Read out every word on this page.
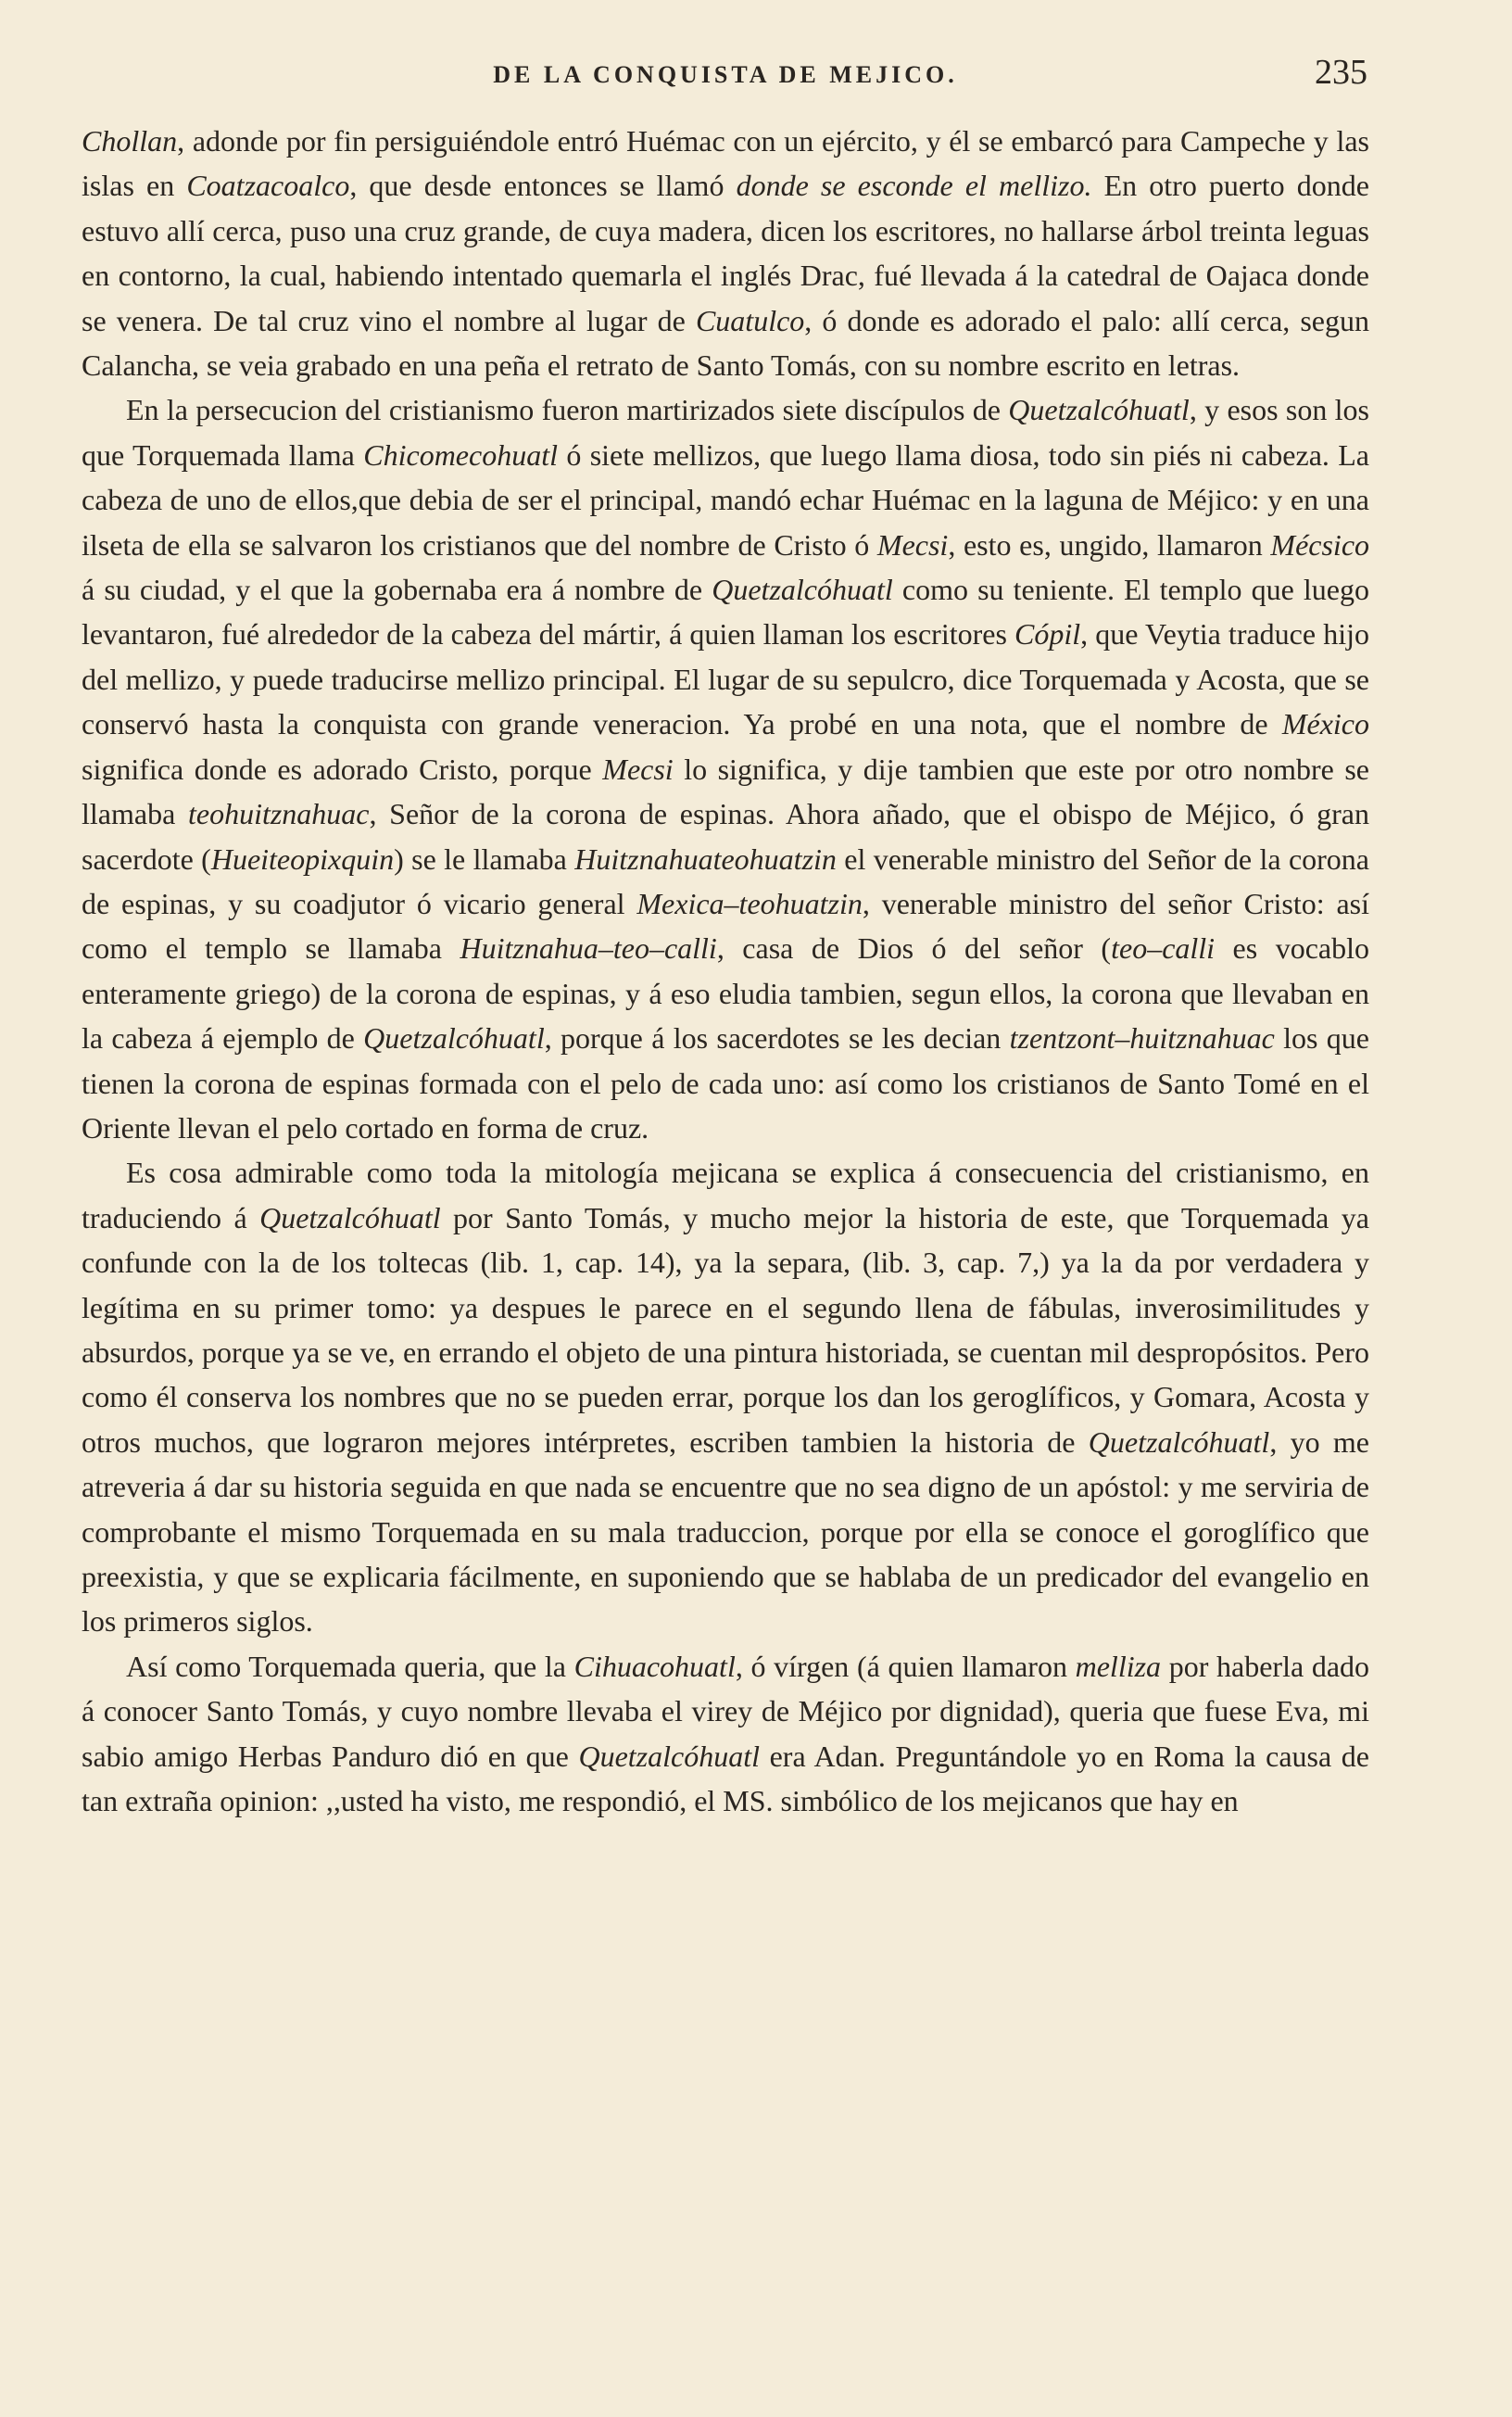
DE LA CONQUISTA DE MEJICO.	235

Chollan, adonde por fin persiguiéndole entró Huémac con un ejército, y él se embarcó para Campeche y las islas en Coatzacoalco, que desde entonces se llamó donde se esconde el mellizo. En otro puerto donde estuvo allí cerca, puso una cruz grande, de cuya madera, dicen los escritores, no hallarse árbol treinta leguas en contorno, la cual, habiendo intentado quemarla el inglés Drac, fué llevada á la catedral de Oajaca donde se venera. De tal cruz vino el nombre al lugar de Cuatulco, ó donde es adorado el palo: allí cerca, segun Calancha, se veia grabado en una peña el retrato de Santo Tomás, con su nombre escrito en letras.

En la persecucion del cristianismo fueron martirizados siete discípulos de Quetzalcóhuatl, y esos son los que Torquemada llama Chicomecohuatl ó siete mellizos, que luego llama diosa, todo sin piés ni cabeza. La cabeza de uno de ellos,que debia de ser el principal, mandó echar Huémac en la laguna de Méjico: y en una ilseta de ella se salvaron los cristianos que del nombre de Cristo ó Mecsi, esto es, ungido, llamaron Mécsico á su ciudad, y el que la gobernaba era á nombre de Quetzalcóhuatl como su teniente. El templo que luego levantaron, fué alrededor de la cabeza del mártir, á quien llaman los escritores Cópil, que Veytia traduce hijo del mellizo, y puede traducirse mellizo principal. El lugar de su sepulcro, dice Torquemada y Acosta, que se conservó hasta la conquista con grande veneracion. Ya probé en una nota, que el nombre de México significa donde es adorado Cristo, porque Mecsi lo significa, y dije tambien que este por otro nombre se llamaba teohuitznahuac, Señor de la corona de espinas. Ahora añado, que el obispo de Méjico, ó gran sacerdote (Hueiteopixquin) se le llamaba Huitznahuateohuatzin el venerable ministro del Señor de la corona de espinas, y su coadjutor ó vicario general Mexica–teohuatzin, venerable ministro del señor Cristo: así como el templo se llamaba Huitznahua–teo–calli, casa de Dios ó del señor (teo–calli es vocablo enteramente griego) de la corona de espinas, y á eso eludia tambien, segun ellos, la corona que llevaban en la cabeza á ejemplo de Quetzalcóhuatl, porque á los sacerdotes se les decian tzentzont–huitznahuac los que tienen la corona de espinas formada con el pelo de cada uno: así como los cristianos de Santo Tomé en el Oriente llevan el pelo cortado en forma de cruz.

Es cosa admirable como toda la mitología mejicana se explica á consecuencia del cristianismo, en traduciendo á Quetzalcóhuatl por Santo Tomás, y mucho mejor la historia de este, que Torquemada ya confunde con la de los toltecas (lib. 1, cap. 14), ya la separa, (lib. 3, cap. 7,) ya la da por verdadera y legítima en su primer tomo: ya despues le parece en el segundo llena de fábulas, inverosimilitudes y absurdos, porque ya se ve, en errando el objeto de una pintura historiada, se cuentan mil despropósitos. Pero como él conserva los nombres que no se pueden errar, porque los dan los geroglíficos, y Gomara, Acosta y otros muchos, que lograron mejores intérpretes, escriben tambien la historia de Quetzalcóhuatl, yo me atreveria á dar su historia seguida en que nada se encuentre que no sea digno de un apóstol: y me serviria de comprobante el mismo Torquemada en su mala traduccion, porque por ella se conoce el goroglífico que preexistia, y que se explicaria fácilmente, en suponiendo que se hablaba de un predicador del evangelio en los primeros siglos.

Así como Torquemada queria, que la Cihuacohuatl, ó vírgen (á quien llamaron melliza por haberla dado á conocer Santo Tomás, y cuyo nombre llevaba el virey de Méjico por dignidad), queria que fuese Eva, mi sabio amigo Herbas Panduro dió en que Quetzalcóhuatl era Adan. Preguntándole yo en Roma la causa de tan extraña opinion: ,,usted ha visto, me respondió, el MS. simbólico de los mejicanos que hay en
